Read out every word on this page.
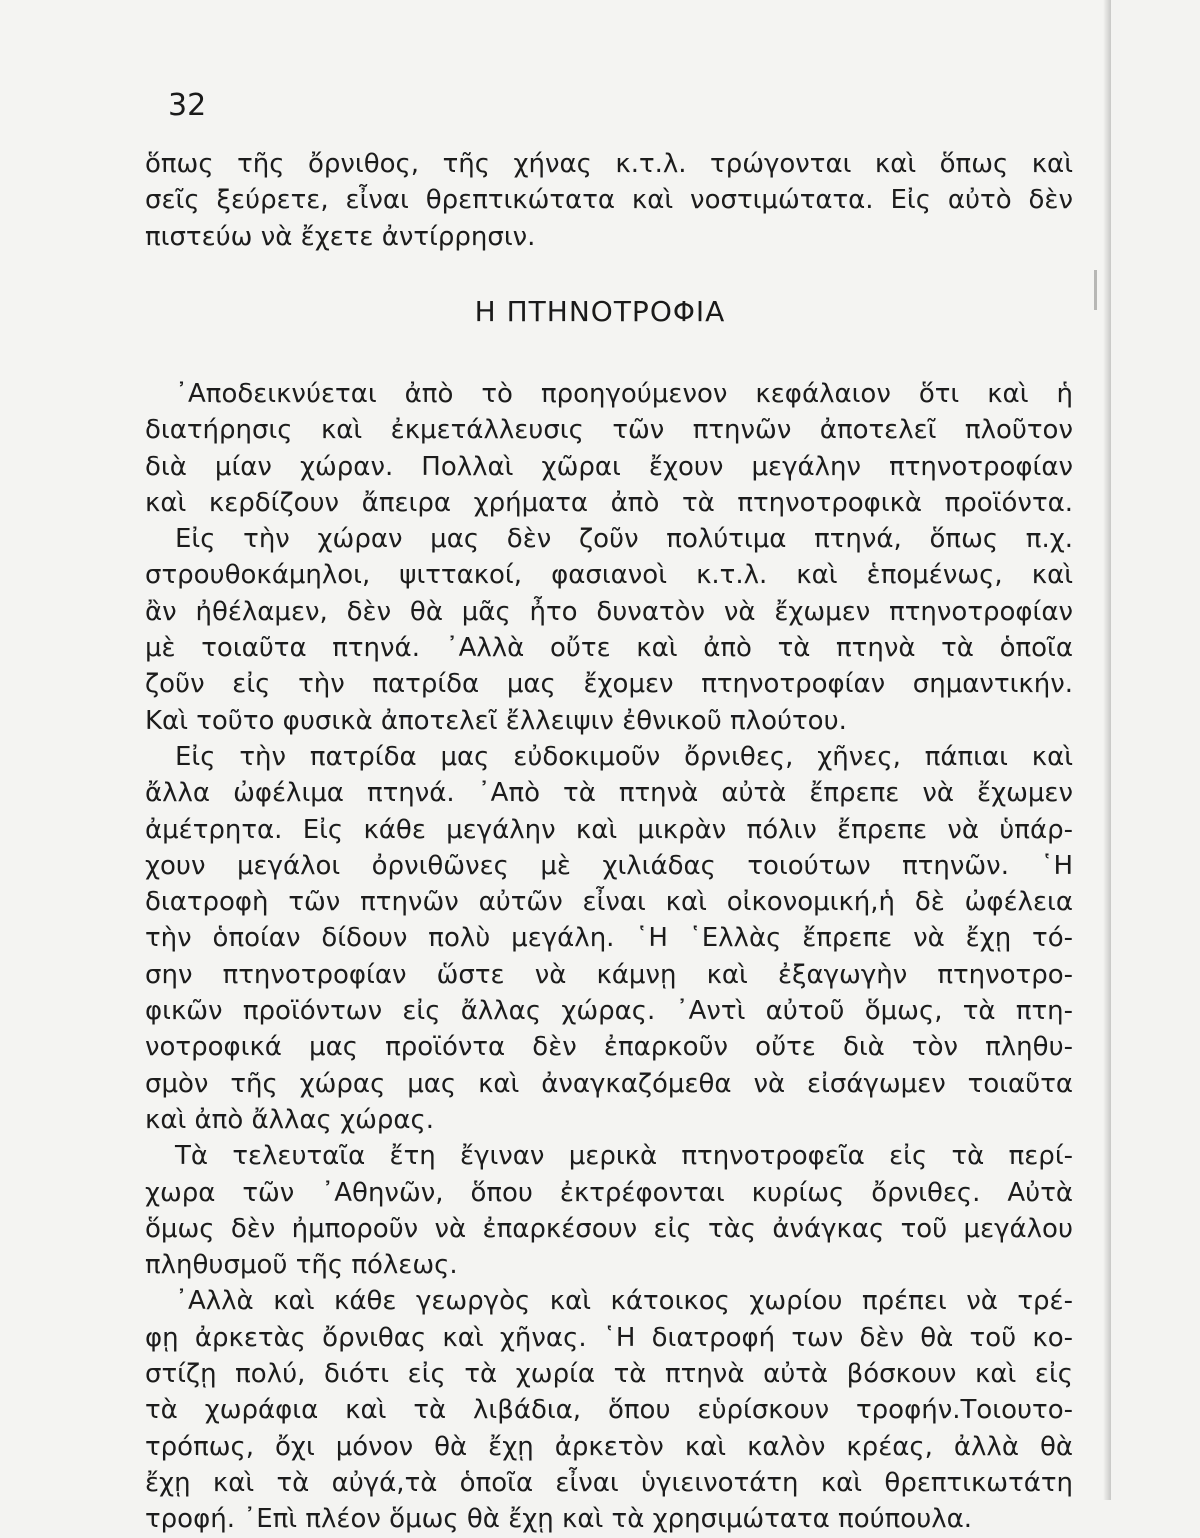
32

ὅπως τῆς ὄρνιθος, τῆς χήνας κ.τ.λ. τρώγονται καὶ ὅπως καὶ
σεῖς ξεύρετε, εἶναι θρεπτικώτατα καὶ νοστιμώτατα. Εἰς αὐτὸ δὲν
πιστεύω νὰ ἔχετε ἀντίρρησιν.
Η ΠΤΗΝΟΤΡΟΦΙΑ
᾿Αποδεικνύεται ἀπὸ τὸ προηγούμενον κεφάλαιον ὅτι καὶ ἡ
διατήρησις καὶ ἐκμετάλλευσις τῶν πτηνῶν ἀποτελεῖ πλοῦτον
διὰ μίαν χώραν. Πολλαὶ χῶραι ἔχουν μεγάλην πτηνοτροφίαν
καὶ κερδίζουν ἄπειρα χρήματα ἀπὸ τὰ πτηνοτροφικὰ προϊόντα.
Εἰς τὴν χώραν μας δὲν ζοῦν πολύτιμα πτηνά, ὅπως π.χ.
στρουθοκάμηλοι, ψιττακοί, φασιανοὶ κ.τ.λ. καὶ ἑπομένως, καὶ
ἂν ἠθέλαμεν, δὲν θὰ μᾶς ἦτο δυνατὸν νὰ ἔχωμεν πτηνοτροφίαν
μὲ τοιαῦτα πτηνά. ᾿Αλλὰ οὔτε καὶ ἀπὸ τὰ πτηνὰ τὰ ὁποῖα
ζοῦν εἰς τὴν πατρίδα μας ἔχομεν πτηνοτροφίαν σημαντικήν.
Καὶ τοῦτο φυσικὰ ἀποτελεῖ ἔλλειψιν ἐθνικοῦ πλούτου.
Εἰς τὴν πατρίδα μας εὐδοκιμοῦν ὄρνιθες, χῆνες, πάπιαι καὶ
ἄλλα ὠφέλιμα πτηνά. ᾿Απὸ τὰ πτηνὰ αὐτὰ ἔπρεπε νὰ ἔχωμεν
ἀμέτρητα. Εἰς κάθε μεγάλην καὶ μικρὰν πόλιν ἔπρεπε νὰ ὑπάρ-
χουν μεγάλοι ὀρνιθῶνες μὲ χιλιάδας τοιούτων πτηνῶν. ῾Η
διατροφὴ τῶν πτηνῶν αὐτῶν εἶναι καὶ οἰκονομική,ἡ δὲ ὠφέλεια
τὴν ὁποίαν δίδουν πολὺ μεγάλη. ῾Η ῾Ελλὰς ἔπρεπε νὰ ἔχῃ τό-
σην πτηνοτροφίαν ὥστε νὰ κάμνῃ καὶ ἐξαγωγὴν πτηνοτρο-
φικῶν προϊόντων εἰς ἄλλας χώρας. ᾿Αντὶ αὐτοῦ ὅμως, τὰ πτη-
νοτροφικά μας προϊόντα δὲν ἐπαρκοῦν οὔτε διὰ τὸν πληθυ-
σμὸν τῆς χώρας μας καὶ ἀναγκαζόμεθα νὰ εἰσάγωμεν τοιαῦτα
καὶ ἀπὸ ἄλλας χώρας.
Τὰ τελευταῖα ἔτη ἔγιναν μερικὰ πτηνοτροφεῖα εἰς τὰ περί-
χωρα τῶν ᾿Αθηνῶν, ὅπου ἐκτρέφονται κυρίως ὄρνιθες. Αὐτὰ
ὅμως δὲν ἠμποροῦν νὰ ἐπαρκέσουν εἰς τὰς ἀνάγκας τοῦ μεγάλου
πληθυσμοῦ τῆς πόλεως.
᾿Αλλὰ καὶ κάθε γεωργὸς καὶ κάτοικος χωρίου πρέπει νὰ τρέ-
φῃ ἀρκετὰς ὄρνιθας καὶ χῆνας. ῾Η διατροφή των δὲν θὰ τοῦ κο-
στίζῃ πολύ, διότι εἰς τὰ χωρία τὰ πτηνὰ αὐτὰ βόσκουν καὶ εἰς
τὰ χωράφια καὶ τὰ λιβάδια, ὅπου εὑρίσκουν τροφήν.Τοιουτο-
τρόπως, ὄχι μόνον θὰ ἔχῃ ἀρκετὸν καὶ καλὸν κρέας, ἀλλὰ θὰ
ἔχῃ καὶ τὰ αὐγά,τὰ ὁποῖα εἶναι ὑγιεινοτάτη καὶ θρεπτικωτάτη
τροφή. ᾿Επὶ πλέον ὅμως θὰ ἔχῃ καὶ τὰ χρησιμώτατα πούπουλα.
